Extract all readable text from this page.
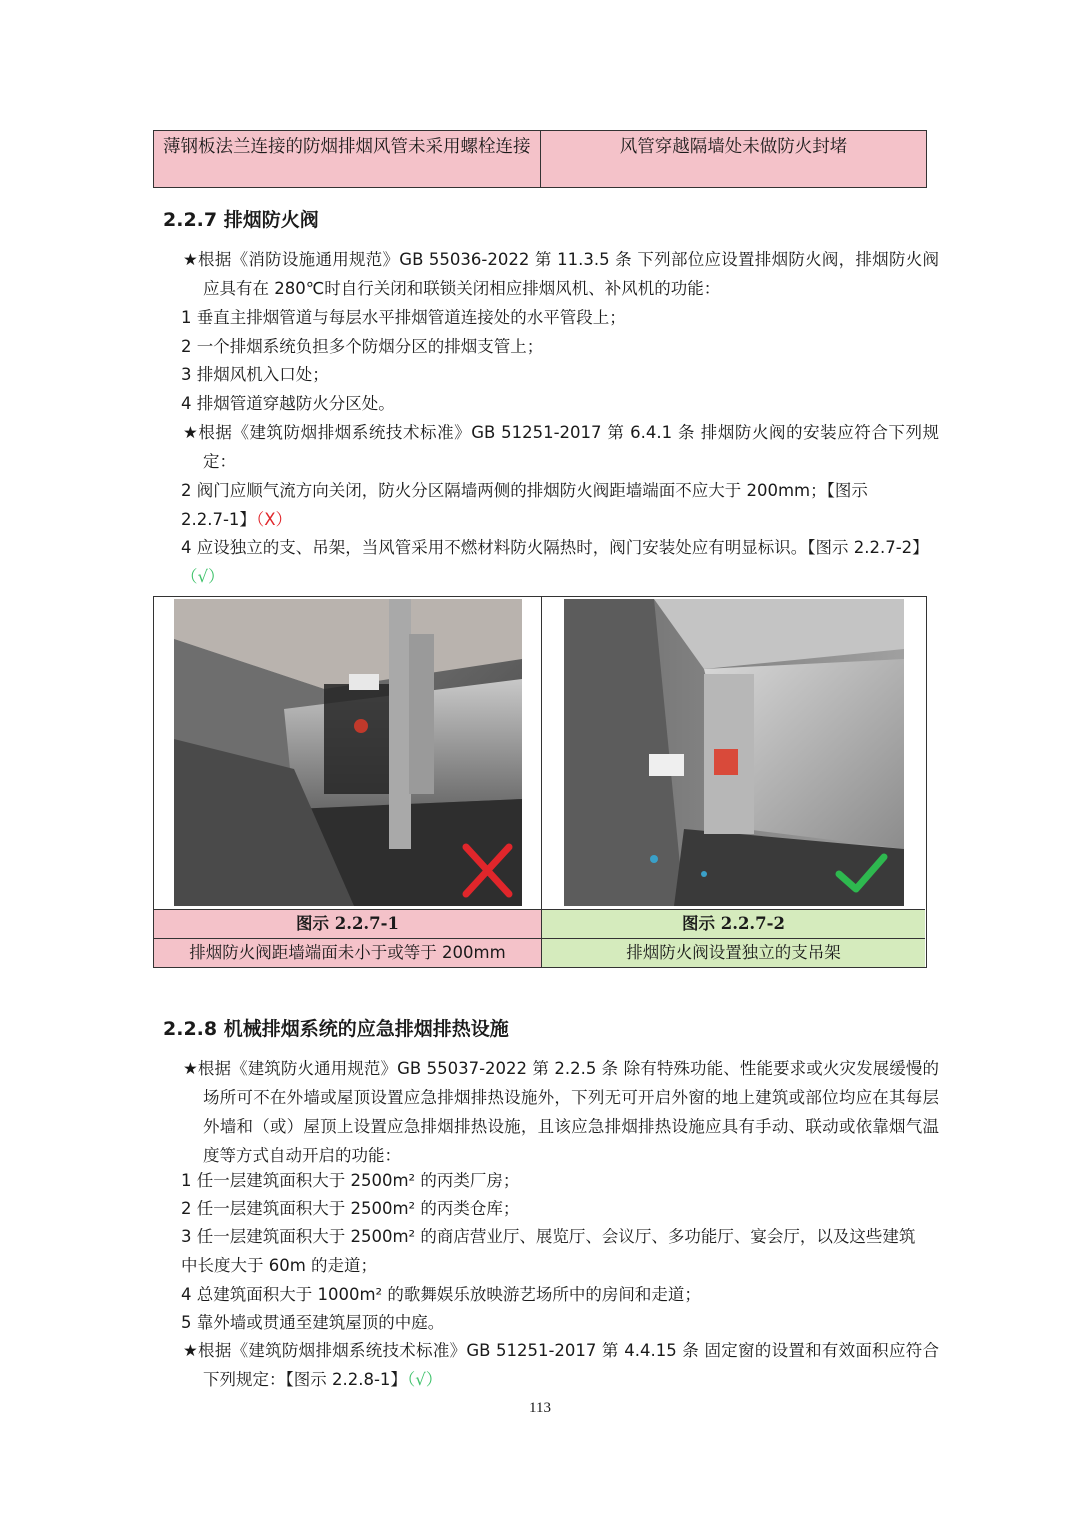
薄钢板法兰连接的防烟排烟风管未采用螺栓连接	风管穿越隔墙处未做防火封堵
2.2.7 排烟防火阀
★根据《消防设施通用规范》GB 55036-2022 第 11.3.5 条 下列部位应设置排烟防火阀，排烟防火阀应具有在 280℃时自行关闭和联锁关闭相应排烟风机、补风机的功能：
1 垂直主排烟管道与每层水平排烟管道连接处的水平管段上；
2 一个排烟系统负担多个防烟分区的排烟支管上；
3 排烟风机入口处；
4 排烟管道穿越防火分区处。
★根据《建筑防烟排烟系统技术标准》GB 51251-2017 第 6.4.1 条 排烟防火阀的安装应符合下列规定：
2 阀门应顺气流方向关闭，防火分区隔墙两侧的排烟防火阀距墙端面不应大于 200mm；【图示 2.2.7-1】（X）
4 应设独立的支、吊架，当风管采用不燃材料防火隔热时，阀门安装处应有明显标识。【图示 2.2.7-2】（√）
图示 2.2.7-1	图示 2.2.7-2
排烟防火阀距墙端面未小于或等于 200mm	排烟防火阀设置独立的支吊架
2.2.8 机械排烟系统的应急排烟排热设施
★根据《建筑防火通用规范》GB 55037-2022 第 2.2.5 条 除有特殊功能、性能要求或火灾发展缓慢的场所可不在外墙或屋顶设置应急排烟排热设施外，下列无可开启外窗的地上建筑或部位均应在其每层外墙和（或）屋顶上设置应急排烟排热设施，且该应急排烟排热设施应具有手动、联动或依靠烟气温度等方式自动开启的功能：
1 任一层建筑面积大于 2500m² 的丙类厂房；
2 任一层建筑面积大于 2500m² 的丙类仓库；
3 任一层建筑面积大于 2500m² 的商店营业厅、展览厅、会议厅、多功能厅、宴会厅，以及这些建筑中长度大于 60m 的走道；
4 总建筑面积大于 1000m² 的歌舞娱乐放映游艺场所中的房间和走道；
5 靠外墙或贯通至建筑屋顶的中庭。
★根据《建筑防烟排烟系统技术标准》GB 51251-2017 第 4.4.15 条 固定窗的设置和有效面积应符合下列规定：【图示 2.2.8-1】（√）
113
